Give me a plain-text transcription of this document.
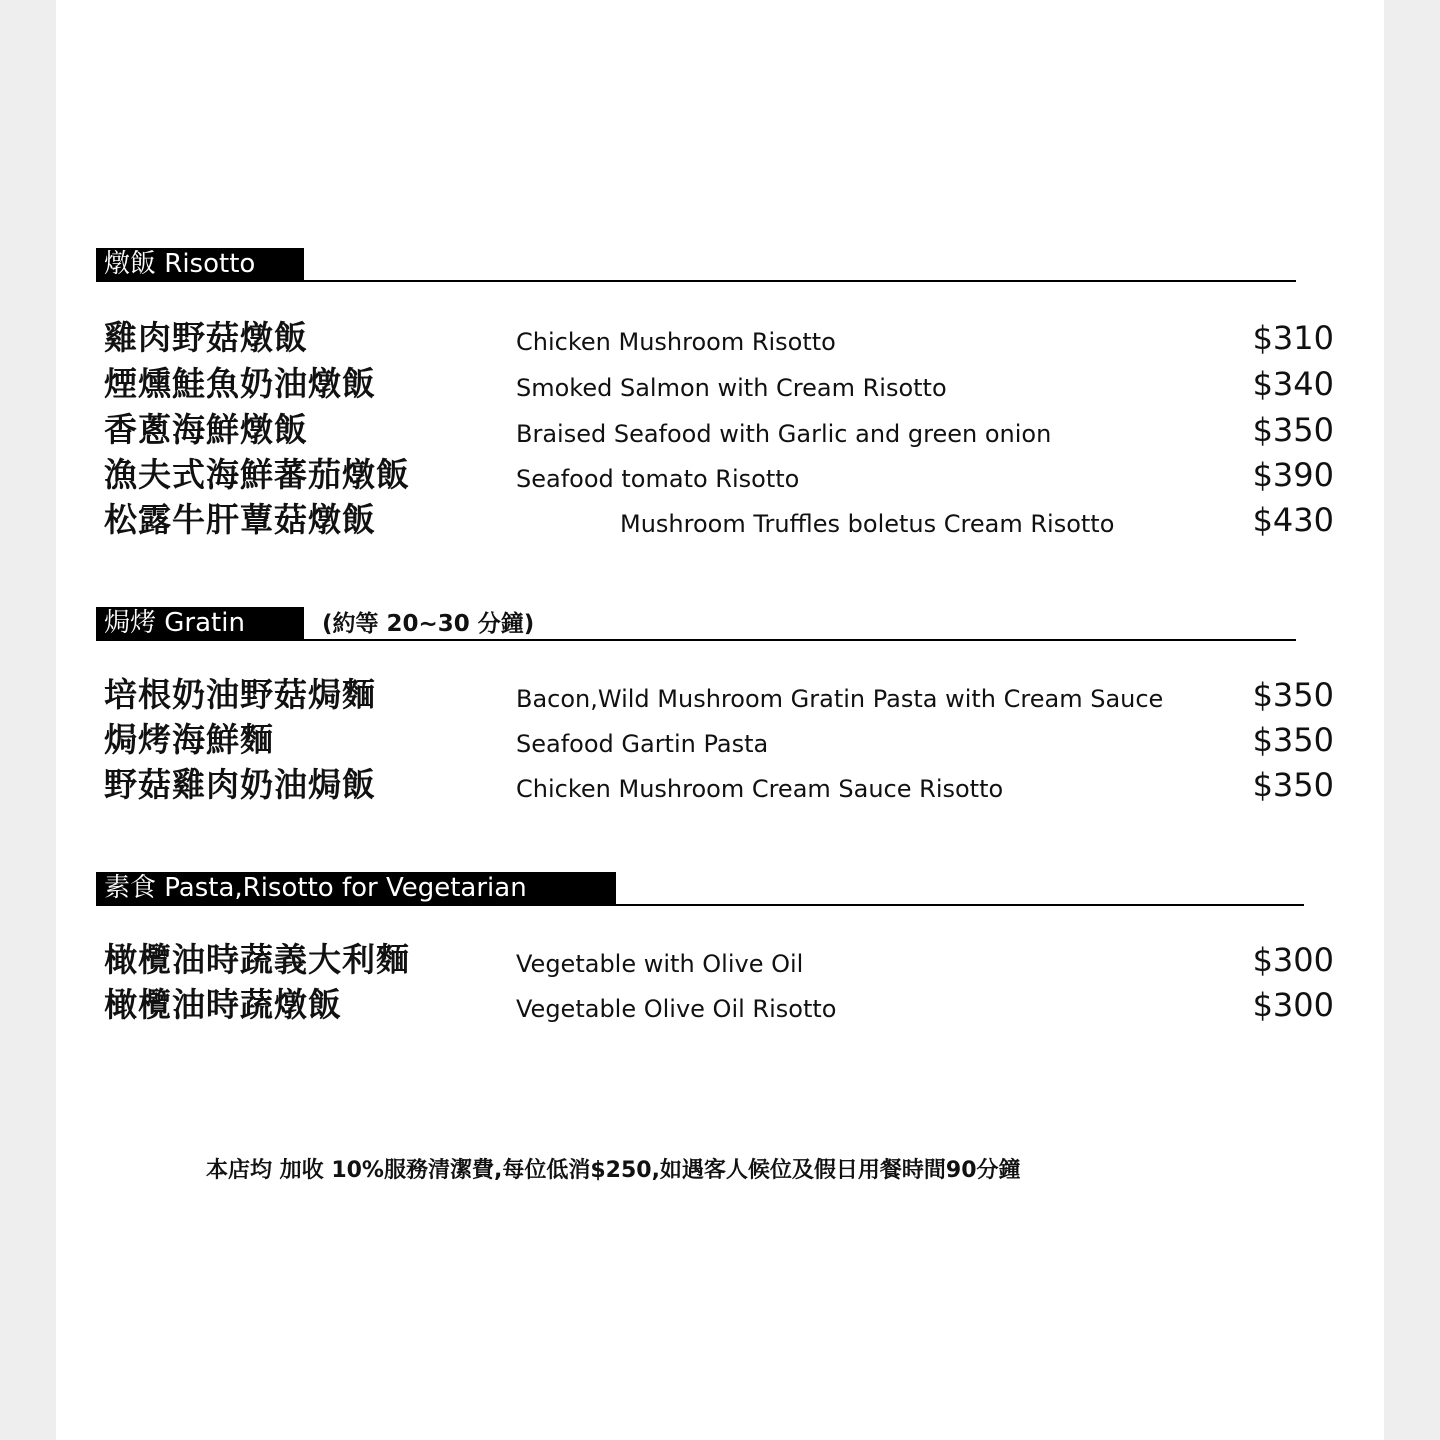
燉飯 Risotto
雞肉野菇燉飯	Chicken Mushroom Risotto	$310
煙燻鮭魚奶油燉飯	Smoked Salmon with Cream Risotto	$340
香蔥海鮮燉飯	Braised Seafood with Garlic and green onion	$350
漁夫式海鮮蕃茄燉飯	Seafood tomato Risotto	$390
松露牛肝蕈菇燉飯	Mushroom Truffles boletus Cream Risotto	$430
焗烤 Gratin	(約等 20~30 分鐘)
培根奶油野菇焗麵	Bacon,Wild Mushroom Gratin Pasta with Cream Sauce	$350
焗烤海鮮麵	Seafood Gartin Pasta	$350
野菇雞肉奶油焗飯	Chicken Mushroom Cream Sauce Risotto	$350
素食 Pasta,Risotto for Vegetarian
橄欖油時蔬義大利麵	Vegetable with Olive Oil	$300
橄欖油時蔬燉飯	Vegetable Olive Oil Risotto	$300
本店均 加收 10%服務清潔費,每位低消$250,如遇客人候位及假日用餐時間90分鐘
